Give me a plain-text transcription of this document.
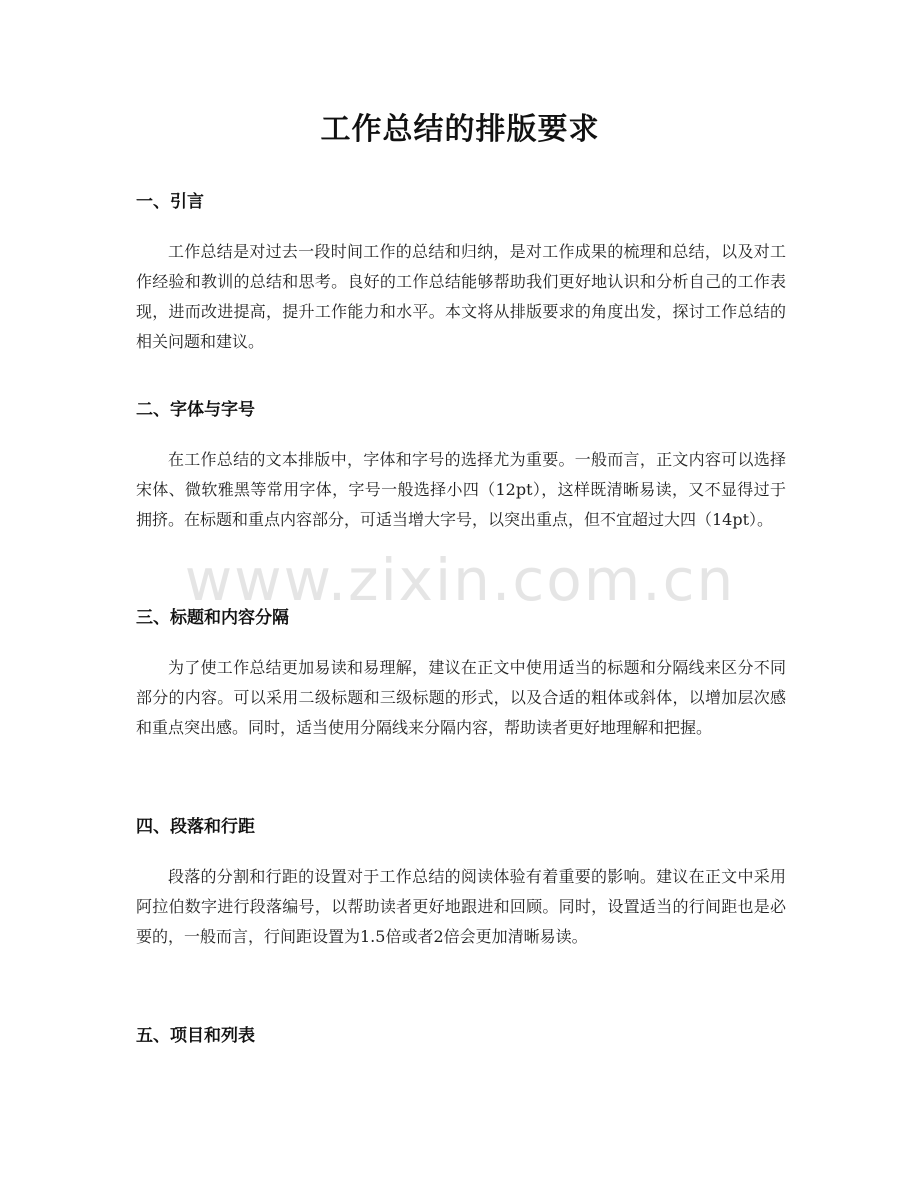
工作总结的排版要求
一、引言

工作总结是对过去一段时间工作的总结和归纳，是对工作成果的梳理和总结，以及对工作经验和教训的总结和思考。良好的工作总结能够帮助我们更好地认识和分析自己的工作表现，进而改进提高，提升工作能力和水平。本文将从排版要求的角度出发，探讨工作总结的相关问题和建议。

二、字体与字号

在工作总结的文本排版中，字体和字号的选择尤为重要。一般而言，正文内容可以选择宋体、微软雅黑等常用字体，字号一般选择小四（12pt），这样既清晰易读，又不显得过于拥挤。在标题和重点内容部分，可适当增大字号，以突出重点，但不宜超过大四（14pt）。

三、标题和内容分隔

为了使工作总结更加易读和易理解，建议在正文中使用适当的标题和分隔线来区分不同部分的内容。可以采用二级标题和三级标题的形式，以及合适的粗体或斜体，以增加层次感和重点突出感。同时，适当使用分隔线来分隔内容，帮助读者更好地理解和把握。

四、段落和行距

段落的分割和行距的设置对于工作总结的阅读体验有着重要的影响。建议在正文中采用阿拉伯数字进行段落编号，以帮助读者更好地跟进和回顾。同时，设置适当的行间距也是必要的，一般而言，行间距设置为1.5倍或者2倍会更加清晰易读。

五、项目和列表
www.zixin.com.cn
